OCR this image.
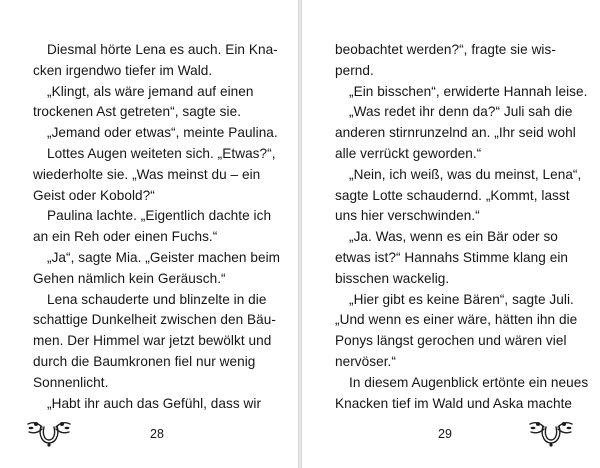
Diesmal hörte Lena es auch. Ein Kna-
cken irgendwo tiefer im Wald.
„Klingt, als wäre jemand auf einen
trockenen Ast getreten“, sagte sie.
„Jemand oder etwas“, meinte Paulina.
Lottes Augen weiteten sich. „Etwas?“,
wiederholte sie. „Was meinst du – ein
Geist oder Kobold?“
Paulina lachte. „Eigentlich dachte ich
an ein Reh oder einen Fuchs.“
„Ja“, sagte Mia. „Geister machen beim
Gehen nämlich kein Geräusch.“
Lena schauderte und blinzelte in die
schattige Dunkelheit zwischen den Bäu-
men. Der Himmel war jetzt bewölkt und
durch die Baumkronen fiel nur wenig
Sonnenlicht.
„Habt ihr auch das Gefühl, dass wir
28
beobachtet werden?“, fragte sie wis-
pernd.
„Ein bisschen“, erwiderte Hannah leise.
„Was redet ihr denn da?“ Juli sah die
anderen stirnrunzelnd an. „Ihr seid wohl
alle verrückt geworden.“
„Nein, ich weiß, was du meinst, Lena“,
sagte Lotte schaudernd. „Kommt, lasst
uns hier verschwinden.“
„Ja. Was, wenn es ein Bär oder so
etwas ist?“ Hannahs Stimme klang ein
bisschen wackelig.
„Hier gibt es keine Bären“, sagte Juli.
„Und wenn es einer wäre, hätten ihn die
Ponys längst gerochen und wären viel
nervöser.“
In diesem Augenblick ertönte ein neues
Knacken tief im Wald und Aska machte
29
